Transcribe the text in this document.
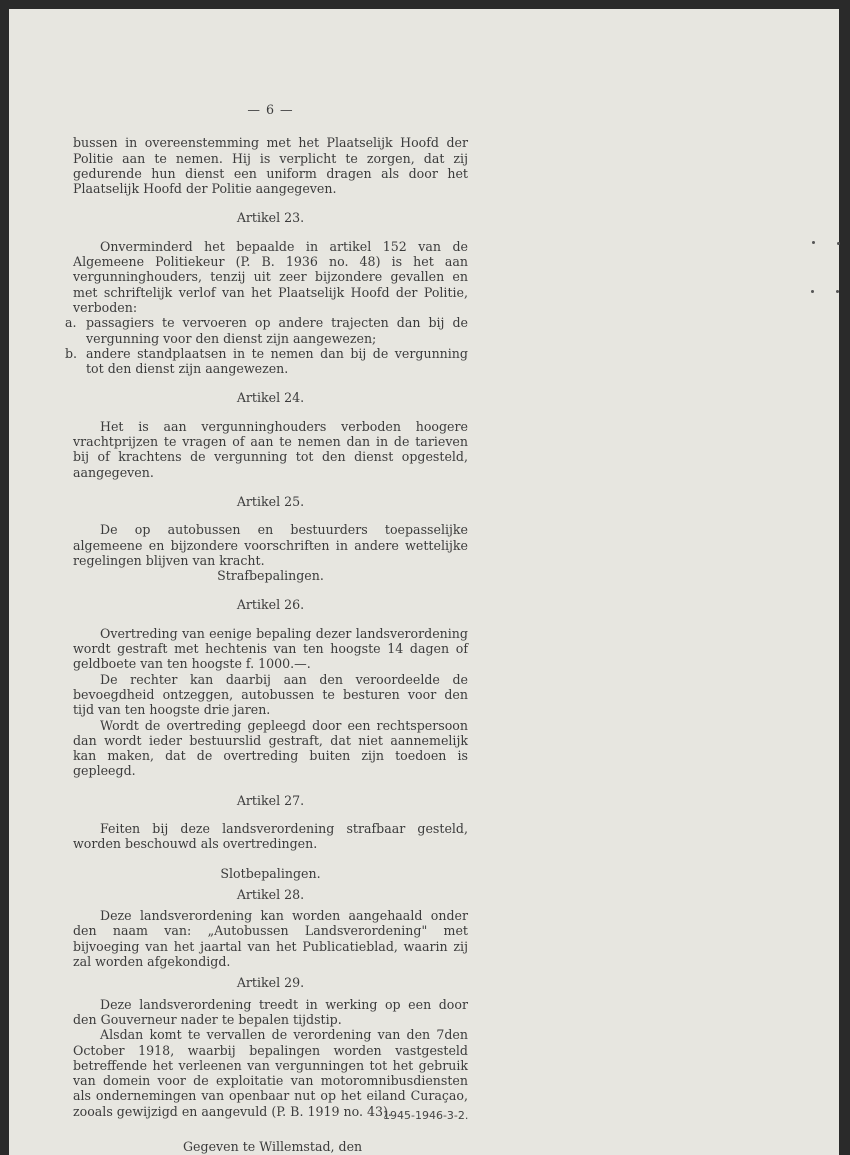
— 6 —

bussen in overeenstemming met het Plaatselijk Hoofd der Politie aan te nemen. Hij is verplicht te zorgen, dat zij gedurende hun dienst een uniform dragen als door het Plaatselijk Hoofd der Politie aangegeven.

Artikel 23.

Onverminderd het bepaalde in artikel 152 van de Algemeene Politiekeur (P. B. 1936 no. 48) is het aan vergunninghouders, tenzij uit zeer bijzondere gevallen en met schriftelijk verlof van het Plaatselijk Hoofd der Politie, verboden:

a. passagiers te vervoeren op andere trajecten dan bij de vergunning voor den dienst zijn aangewezen;
b. andere standplaatsen in te nemen dan bij de vergunning tot den dienst zijn aangewezen.

Artikel 24.

Het is aan vergunninghouders verboden hoogere vrachtprijzen te vragen of aan te nemen dan in de tarieven bij of krachtens de vergunning tot den dienst opgesteld, aangegeven.

Artikel 25.

De op autobussen en bestuurders toepasselijke algemeene en bijzondere voorschriften in andere wettelijke regelingen blijven van kracht.

Strafbepalingen.

Artikel 26.

Overtreding van eenige bepaling dezer landsverordening wordt gestraft met hechtenis van ten hoogste 14 dagen of geldboete van ten hoogste f. 1000.—.

De rechter kan daarbij aan den veroordeelde de bevoegdheid ontzeggen, autobussen te besturen voor den tijd van ten hoogste drie jaren.

Wordt de overtreding gepleegd door een rechtspersoon dan wordt ieder bestuurslid gestraft, dat niet aannemelijk kan maken, dat de overtreding buiten zijn toedoen is gepleegd.

Artikel 27.

Feiten bij deze landsverordening strafbaar gesteld, worden beschouwd als overtredingen.

Slotbepalingen.

Artikel 28.

Deze landsverordening kan worden aangehaald onder den naam van: „Autobussen Landsverordening" met bijvoeging van het jaartal van het Publicatieblad, waarin zij zal worden afgekondigd.

Artikel 29.

Deze landsverordening treedt in werking op een door den Gouverneur nader te bepalen tijdstip.

Alsdan komt te vervallen de verordening van den 7den October 1918, waarbij bepalingen worden vastgesteld betreffende het verleenen van vergunningen tot het gebruik van domein voor de exploitatie van motoromnibusdiensten als ondernemingen van openbaar nut op het eiland Curaçao, zooals gewijzigd en aangevuld (P. B. 1919 no. 43).

Gegeven te Willemstad, den

1945-1946-3-2.
